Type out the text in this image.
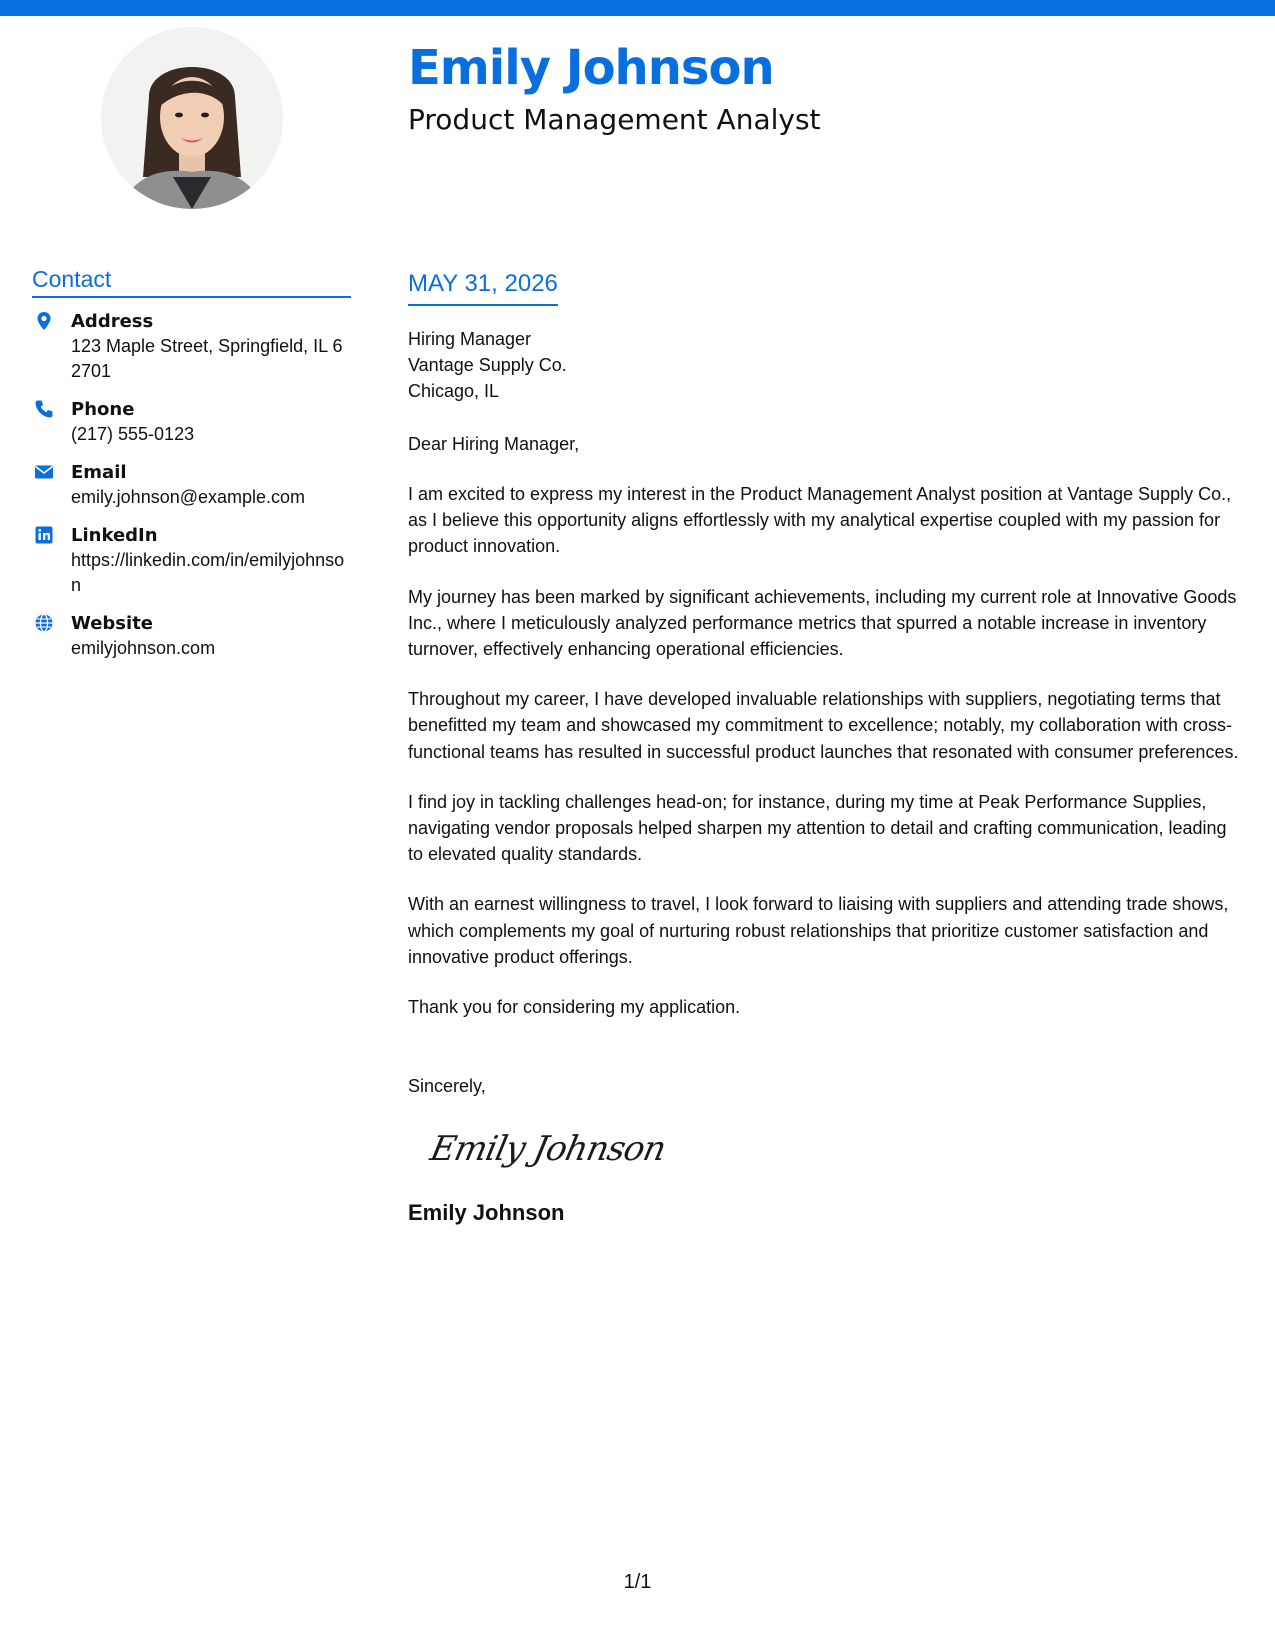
Emily Johnson
Product Management Analyst
Contact
Address
123 Maple Street, Springfield, IL 62701
Phone
(217) 555-0123
Email
emily.johnson@example.com
LinkedIn
https://linkedin.com/in/emilyjohnson
Website
emilyjohnson.com
MAY 31, 2026

Hiring Manager

Vantage Supply Co.

Chicago, IL

Dear Hiring Manager,

I am excited to express my interest in the Product Management Analyst position at Vantage Supply Co., as I believe this opportunity aligns effortlessly with my analytical expertise coupled with my passion for product innovation.

My journey has been marked by significant achievements, including my current role at Innovative Goods Inc., where I meticulously analyzed performance metrics that spurred a notable increase in inventory turnover, effectively enhancing operational efficiencies.

Throughout my career, I have developed invaluable relationships with suppliers, negotiating terms that benefitted my team and showcased my commitment to excellence; notably, my collaboration with cross-functional teams has resulted in successful product launches that resonated with consumer preferences.

I find joy in tackling challenges head-on; for instance, during my time at Peak Performance Supplies, navigating vendor proposals helped sharpen my attention to detail and crafting communication, leading to elevated quality standards.

With an earnest willingness to travel, I look forward to liaising with suppliers and attending trade shows, which complements my goal of nurturing robust relationships that prioritize customer satisfaction and innovative product offerings.

Thank you for considering my application.

Sincerely,

Emily Johnson
Emily Johnson
1/1
